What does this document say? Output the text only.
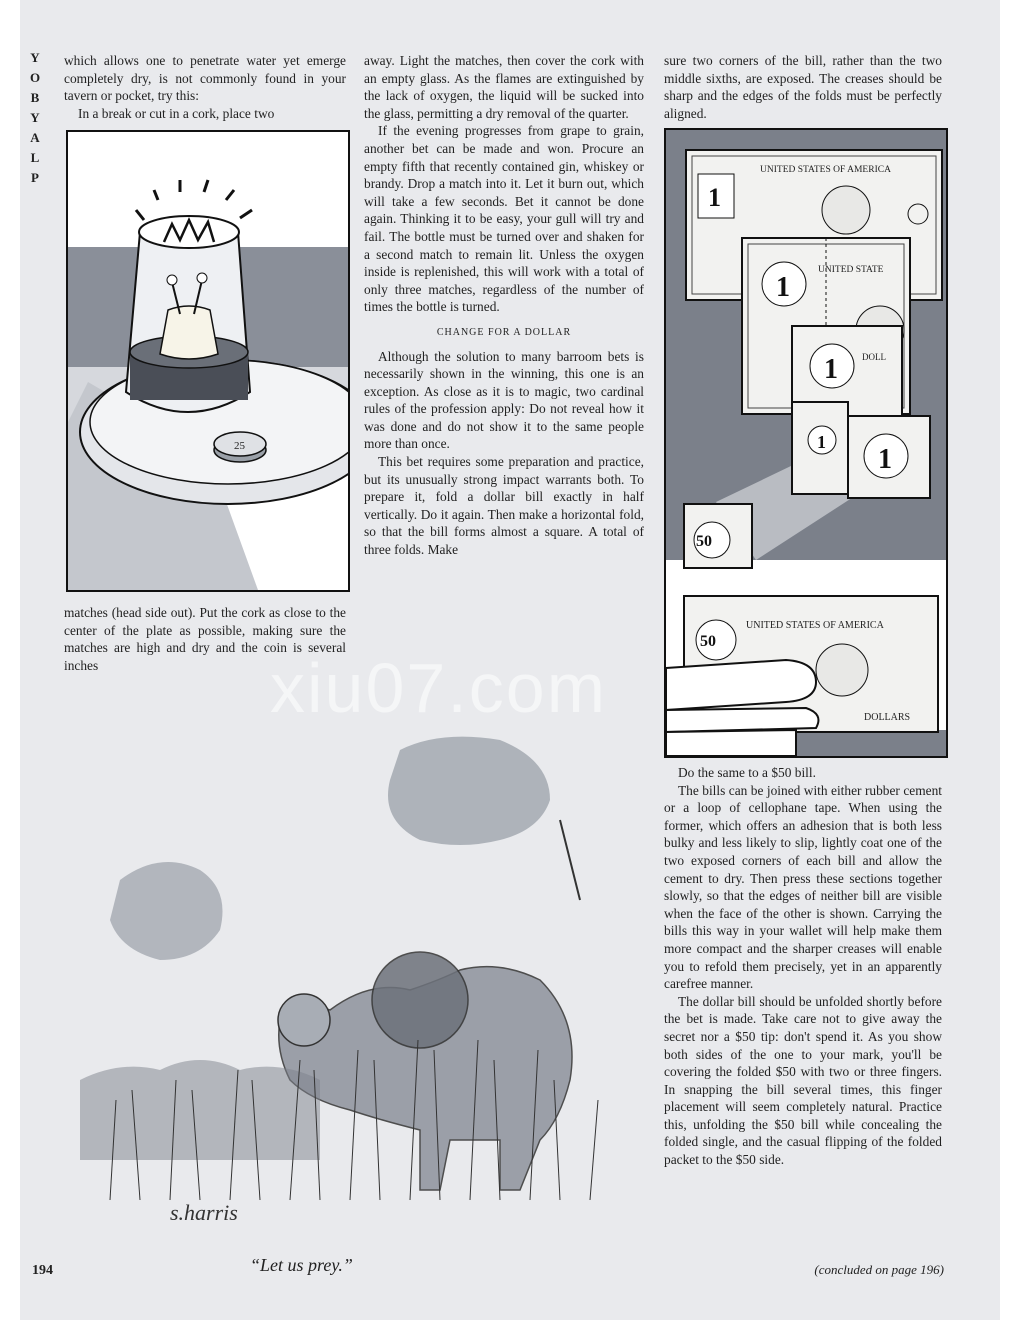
Y
O
B
Y
A
L
P

which allows one to penetrate water yet emerge completely dry, is not commonly found in your tavern or pocket, try this:

In a break or cut in a cork, place two

25

matches (head side out). Put the cork as close to the center of the plate as possible, making sure the matches are high and dry and the coin is several inches

away. Light the matches, then cover the cork with an empty glass. As the flames are extinguished by the lack of oxygen, the liquid will be sucked into the glass, permitting a dry removal of the quarter.

If the evening progresses from grape to grain, another bet can be made and won. Procure an empty fifth that recently contained gin, whiskey or brandy. Drop a match into it. Let it burn out, which will take a few seconds. Bet it cannot be done again. Thinking it to be easy, your gull will try and fail. The bottle must be turned over and shaken for a second match to remain lit. Unless the oxygen inside is replenished, this will work with a total of only three matches, regardless of the number of times the bottle is turned.

CHANGE FOR A DOLLAR

Although the solution to many barroom bets is necessarily shown in the winning, this one is an exception. As close as it is to magic, two cardinal rules of the profession apply: Do not reveal how it was done and do not show it to the same people more than once.

This bet requires some preparation and practice, but its unusually strong impact warrants both. To prepare it, fold a dollar bill exactly in half vertically. Do it again. Then make a horizontal fold, so that the bill forms almost a square. A total of three folds. Make

sure two corners of the bill, rather than the two middle sixths, are exposed. The creases should be sharp and the edges of the folds must be perfectly aligned.

UNITED STATES OF AMERICA
1
UNITED STATE
1
1	DOLL
1
1
50
UNITED STATES OF AMERICA
50
DOLLARS

Do the same to a $50 bill.

The bills can be joined with either rubber cement or a loop of cellophane tape. When using the former, which offers an adhesion that is both less bulky and less likely to slip, lightly coat one of the two exposed corners of each bill and allow the cement to dry. Then press these sections together slowly, so that the edges of neither bill are visible when the face of the other is shown. Carrying the bills this way in your wallet will help make them more compact and the sharper creases will enable you to refold them precisely, yet in an apparently carefree manner.

The dollar bill should be unfolded shortly before the bet is made. Take care not to give away the secret nor a $50 tip: don't spend it. As you show both sides of the one to your mark, you'll be covering the folded $50 with two or three fingers. In snapping the bill several times, this finger placement will seem completely natural. Practice this, unfolding the $50 bill while concealing the folded single, and the casual flipping of the folded packet to the $50 side.

s.harris
“Let us prey.”
194	(concluded on page 196)
xiu07.com
